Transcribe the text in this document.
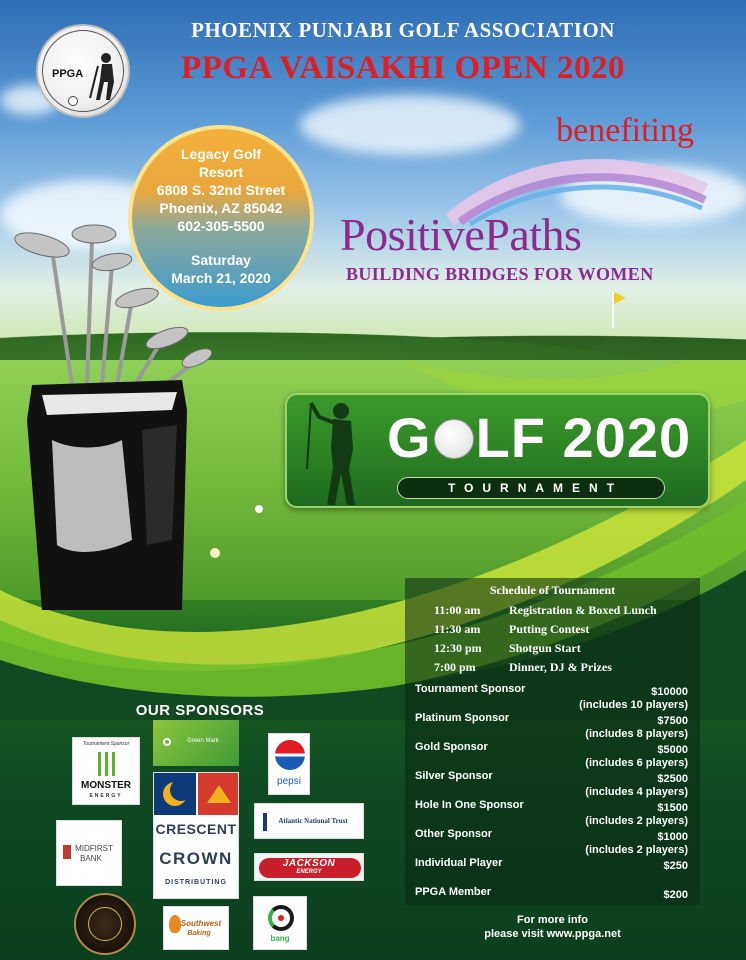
PHOENIX PUNJABI GOLF ASSOCIATION
PPGA VAISAKHI OPEN 2020
benefiting
PPGA
Legacy Golf
Resort
6808 S. 32nd Street
Phoenix, AZ 85042
602-305-5500
Saturday
March 21, 2020
PositivePaths
BUILDING BRIDGES FOR WOMEN
G LF 2020
TOURNAMENT
Schedule of Tournament
11:00 am Registration & Boxed Lunch
11:30 am Putting Contest
12:30 pm Shotgun Start
7:00 pm	Dinner, DJ & Prizes
Tournament Sponsor	$10000
(includes 10 players)
Platinum Sponsor	$7500
(includes 8 players)
Gold Sponsor	$5000
(includes 6 players)
Silver Sponsor	$2500
(includes 4 players)
Hole In One Sponsor	$1500
(includes 2 players)
Other Sponsor	$1000
(includes 2 players)
Individual Player	$250
PPGA Member	$200
For more info
please visit www.ppga.net
OUR SPONSORS
Tournament Sponsor
MONSTER
ENERGY
Green Mark
pepsi
CRESCENT
CROWN
DISTRIBUTING
Atlantic National Trust
MIDFIRST
BANK	JACKSON
ENERGY
Southwest
Baking
bang
